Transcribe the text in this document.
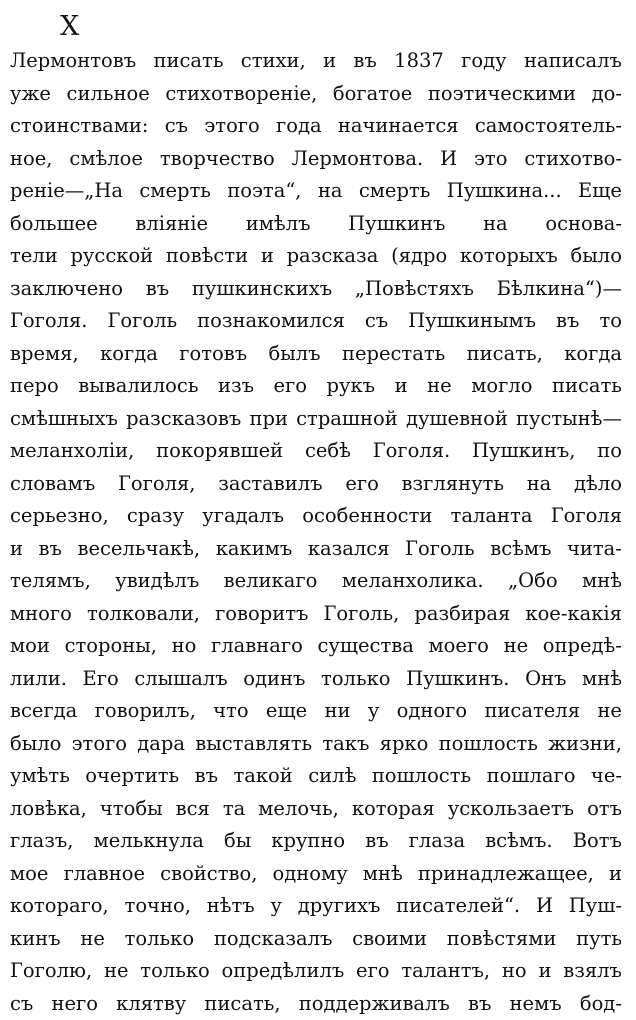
X
Лермонтовъ писать стихи, и въ 1837 году написалъ
уже сильное стихотвореніе, богатое поэтическими до-
стоинствами: съ этого года начинается самостоятель-
ное, смѣлое творчество Лермонтова. И это стихотво-
реніе—„На смерть поэта“, на смерть Пушкина... Еще
большее вліяніе имѣлъ Пушкинъ на основа-
тели русской повѣсти и разсказа (ядро которыхъ было
заключено въ пушкинскихъ „Повѣстяхъ Бѣлкина“)—
Гоголя. Гоголь познакомился съ Пушкинымъ въ то
время, когда готовъ былъ перестать писать, когда
перо вывалилось изъ его рукъ и не могло писать
смѣшныхъ разсказовъ при страшной душевной пустынѣ—
меланхоліи, покорявшей себѣ Гоголя. Пушкинъ, по
словамъ Гоголя, заставилъ его взглянуть на дѣло
серьезно, сразу угадалъ особенности таланта Гоголя
и въ весельчакѣ, какимъ казался Гоголь всѣмъ чита-
телямъ, увидѣлъ великаго меланхолика. „Обо мнѣ
много толковали, говоритъ Гоголь, разбирая кое-какія
мои стороны, но главнаго существа моего не опредѣ-
лили. Его слышалъ одинъ только Пушкинъ. Онъ мнѣ
всегда говорилъ, что еще ни у одного писателя не
было этого дара выставлять такъ ярко пошлость жизни,
умѣть очертить въ такой силѣ пошлость пошлаго че-
ловѣка, чтобы вся та мелочь, которая ускользаетъ отъ
глазъ, мелькнула бы крупно въ глаза всѣмъ. Вотъ
мое главное свойство, одному мнѣ принадлежащее, и
котораго, точно, нѣтъ у другихъ писателей“. И Пуш-
кинъ не только подсказалъ своими повѣстями путь
Гоголю, не только опредѣлилъ его талантъ, но и взялъ
съ него клятву писать, поддерживалъ въ немъ бод-
